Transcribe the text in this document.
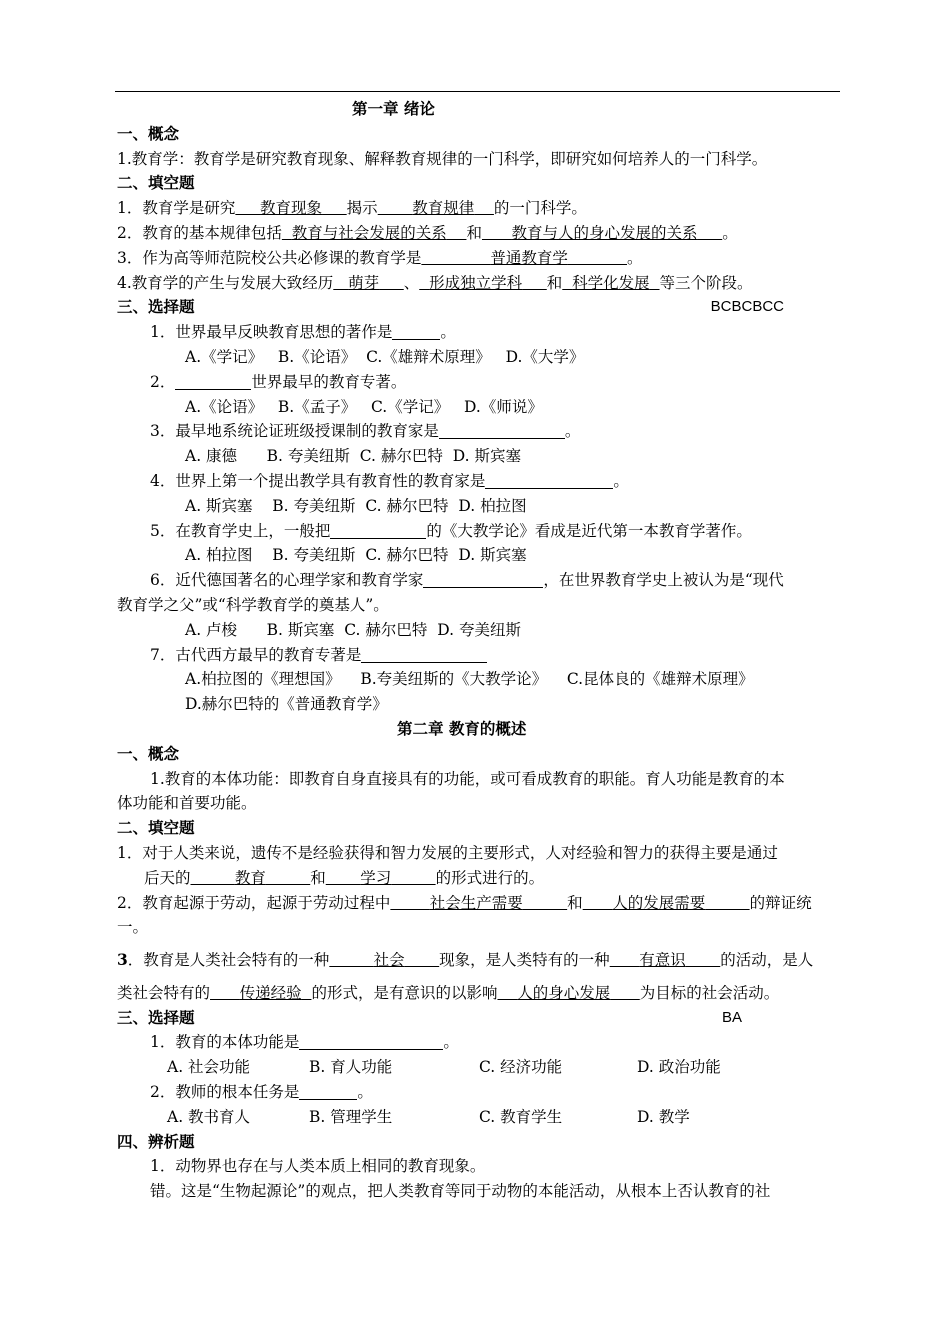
第一章 绪论
一、概念
1.教育学：教育学是研究教育现象、解释教育规律的一门科学，即研究如何培养人的一门科学。
二、填空题
1．教育学是研究 教育现象 揭示 教育规律 的一门科学。
2．教育的基本规律包括 教育与社会发展的关系 和 教育与人的身心发展的关系 。
3．作为高等师范院校公共必修课的教育学是	普通教育学	。
4.教育学的产生与发展大致经历 萌芽 、 形成独立学科 和 科学化发展 等三个阶段。
三、选择题	BCBCBCC
1．世界最早反映教育思想的著作是	。
A.《学记》   B.《论语》  C.《雄辩术原理》   D.《大学》
2．	世界最早的教育专著。
A.《论语》   B.《孟子》   C.《学记》   D.《师说》
3．最早地系统论证班级授课制的教育家是	。
A. 康德      B. 夸美纽斯  C. 赫尔巴特  D. 斯宾塞
4．世界上第一个提出教学具有教育性的教育家是	。
A. 斯宾塞    B. 夸美纽斯  C. 赫尔巴特  D. 柏拉图
5．在教育学史上，一般把	的《大教学论》看成是近代第一本教育学著作。
A. 柏拉图    B. 夸美纽斯  C. 赫尔巴特  D. 斯宾塞
6．近代德国著名的心理学家和教育学家	，在世界教育学史上被认为是“现代
教育学之父”或“科学教育学的奠基人”。
A. 卢梭      B. 斯宾塞  C. 赫尔巴特  D. 夸美纽斯
7．古代西方最早的教育专著是
A.柏拉图的《理想国》    B.夸美纽斯的《大教学论》    C.昆体良的《雄辩术原理》
D.赫尔巴特的《普通教育学》
第二章 教育的概述
一、概念
1.教育的本体功能：即教育自身直接具有的功能，或可看成教育的职能。育人功能是教育的本
体功能和首要功能。
二、填空题
1．对于人类来说，遗传不是经验获得和智力发展的主要形式，人对经验和智力的获得主要是通过
后天的	教育	和 学习	的形式进行的。
2．教育起源于劳动，起源于劳动过程中	社会生产需要	和 人的发展需要	的辩证统
一。
3．教育是人类社会特有的一种	社会 现象，是人类特有的一种 有意识 的活动，是人
类社会特有的 传递经验 的形式，是有意识的以影响 人的身心发展 为目标的社会活动。
三、选择题	BA
1．教育的本体功能是	。
A. 社会功能	B. 育人功能	C. 经济功能	D. 政治功能
2．教师的根本任务是	。
A. 教书育人	B. 管理学生	C. 教育学生	D. 教学
四、辨析题
1．动物界也存在与人类本质上相同的教育现象。
错。这是“生物起源论”的观点，把人类教育等同于动物的本能活动，从根本上否认教育的社
